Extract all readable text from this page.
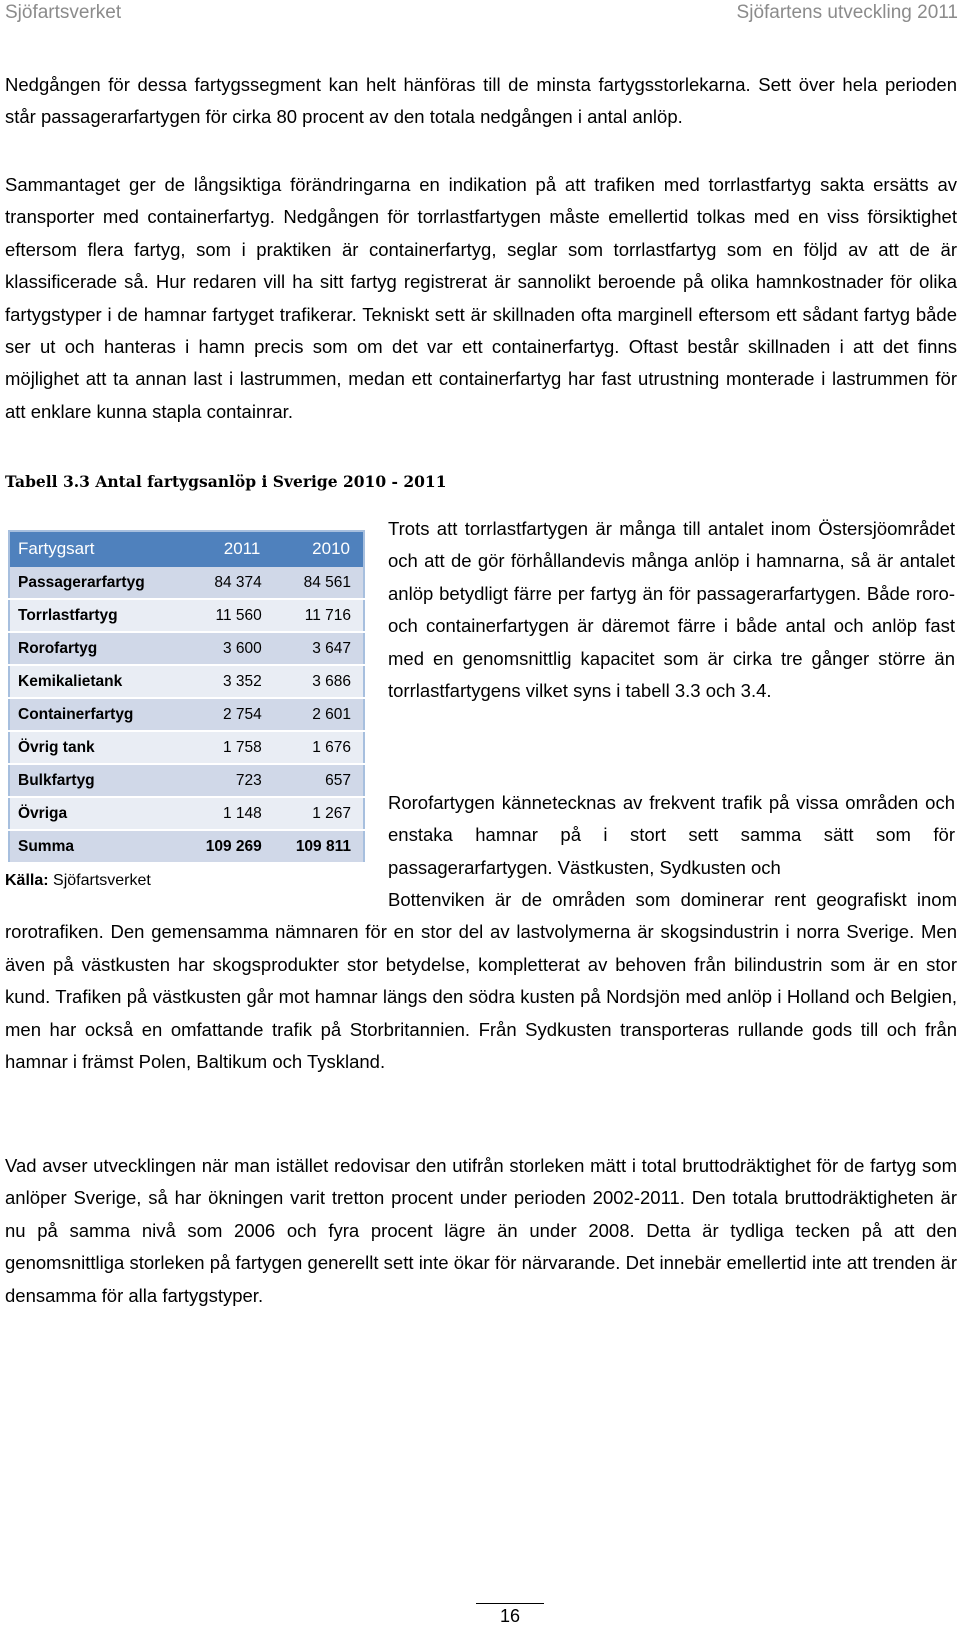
Sjöfartsverket	Sjöfartens utveckling 2011

Nedgången för dessa fartygssegment kan helt hänföras till de minsta fartygsstorlekarna. Sett över hela perioden står passagerarfartygen för cirka 80 procent av den totala nedgången i antal anlöp.

Sammantaget ger de långsiktiga förändringarna en indikation på att trafiken med torrlastfartyg sakta ersätts av transporter med containerfartyg. Nedgången för torrlastfartygen måste emellertid tolkas med en viss försiktighet eftersom flera fartyg, som i praktiken är containerfartyg, seglar som torrlastfartyg som en följd av att de är klassificerade så. Hur redaren vill ha sitt fartyg registrerat är sannolikt beroende på olika hamnkostnader för olika fartygstyper i de hamnar fartyget trafikerar. Tekniskt sett är skillnaden ofta marginell eftersom ett sådant fartyg både ser ut och hanteras i hamn precis som om det var ett containerfartyg. Oftast består skillnaden i att det finns möjlighet att ta annan last i lastrummen, medan ett containerfartyg har fast utrustning monterade i lastrummen för att enklare kunna stapla containrar.

Tabell 3.3 Antal fartygsanlöp i Sverige 2010 - 2011
Fartygsart	2011	2010
Passagerarfartyg	84 374	84 561
Torrlastfartyg	11 560	11 716
Rorofartyg	3 600	3 647
Kemikalietank	3 352	3 686
Containerfartyg	2 754	2 601
Övrig tank	1 758	1 676
Bulkfartyg	723	657
Övriga	1 148	1 267
Summa	109 269	109 811
Källa: Sjöfartsverket

Trots att torrlastfartygen är många till antalet inom Östersjöområdet och att de gör förhållandevis många anlöp i hamnarna, så är antalet anlöp betydligt färre per fartyg än för passagerarfartygen. Både roro- och containerfartygen är däremot färre i både antal och anlöp fast med en genomsnittlig kapacitet som är cirka tre gånger större än torrlastfartygens vilket syns i tabell 3.3 och 3.4.

Rorofartygen kännetecknas av frekvent trafik på vissa områden och enstaka hamnar på i stort sett samma sätt som för passagerarfartygen. Västkusten, Sydkusten och

Bottenviken är de områden som dominerar rent geografiskt inom rorotrafiken. Den gemensamma nämnaren för en stor del av lastvolymerna är skogsindustrin i norra Sverige. Men även på västkusten har skogsprodukter stor betydelse, kompletterat av behoven från bilindustrin som är en stor kund. Trafiken på västkusten går mot hamnar längs den södra kusten på Nordsjön med anlöp i Holland och Belgien, men har också en omfattande trafik på Storbritannien. Från Sydkusten transporteras rullande gods till och från hamnar i främst Polen, Baltikum och Tyskland.

Vad avser utvecklingen när man istället redovisar den utifrån storleken mätt i total bruttodräktighet för de fartyg som anlöper Sverige, så har ökningen varit tretton procent under perioden 2002-2011. Den totala bruttodräktigheten är nu på samma nivå som 2006 och fyra procent lägre än under 2008. Detta är tydliga tecken på att den genomsnittliga storleken på fartygen generellt sett inte ökar för närvarande. Det innebär emellertid inte att trenden är densamma för alla fartygstyper.

16
